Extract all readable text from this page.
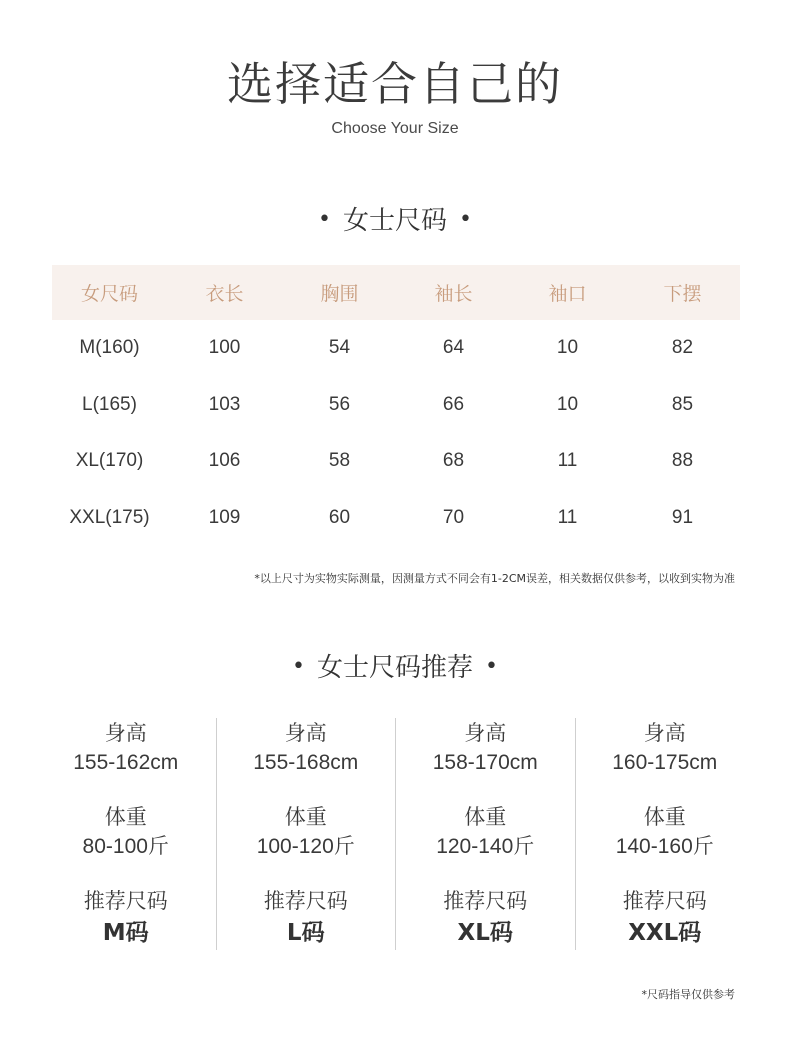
选择适合自己的
Choose Your Size
• 女士尺码 •
女尺码	衣长	胸围	袖长	袖口	下摆
M(160)	100	54	64	10	82
L(165)	103	56	66	10	85
XL(170)	106	58	68	11	88
XXL(175)	109	60	70	11	91
*以上尺寸为实物实际测量，因测量方式不同会有1-2CM误差，相关数据仅供参考，以收到实物为准
• 女士尺码推荐 •
身高
155-162cm
体重
80-100斤
推荐尺码
M码
身高
155-168cm
体重
100-120斤
推荐尺码
L码
身高
158-170cm
体重
120-140斤
推荐尺码
XL码
身高
160-175cm
体重
140-160斤
推荐尺码
XXL码
*尺码指导仅供参考
